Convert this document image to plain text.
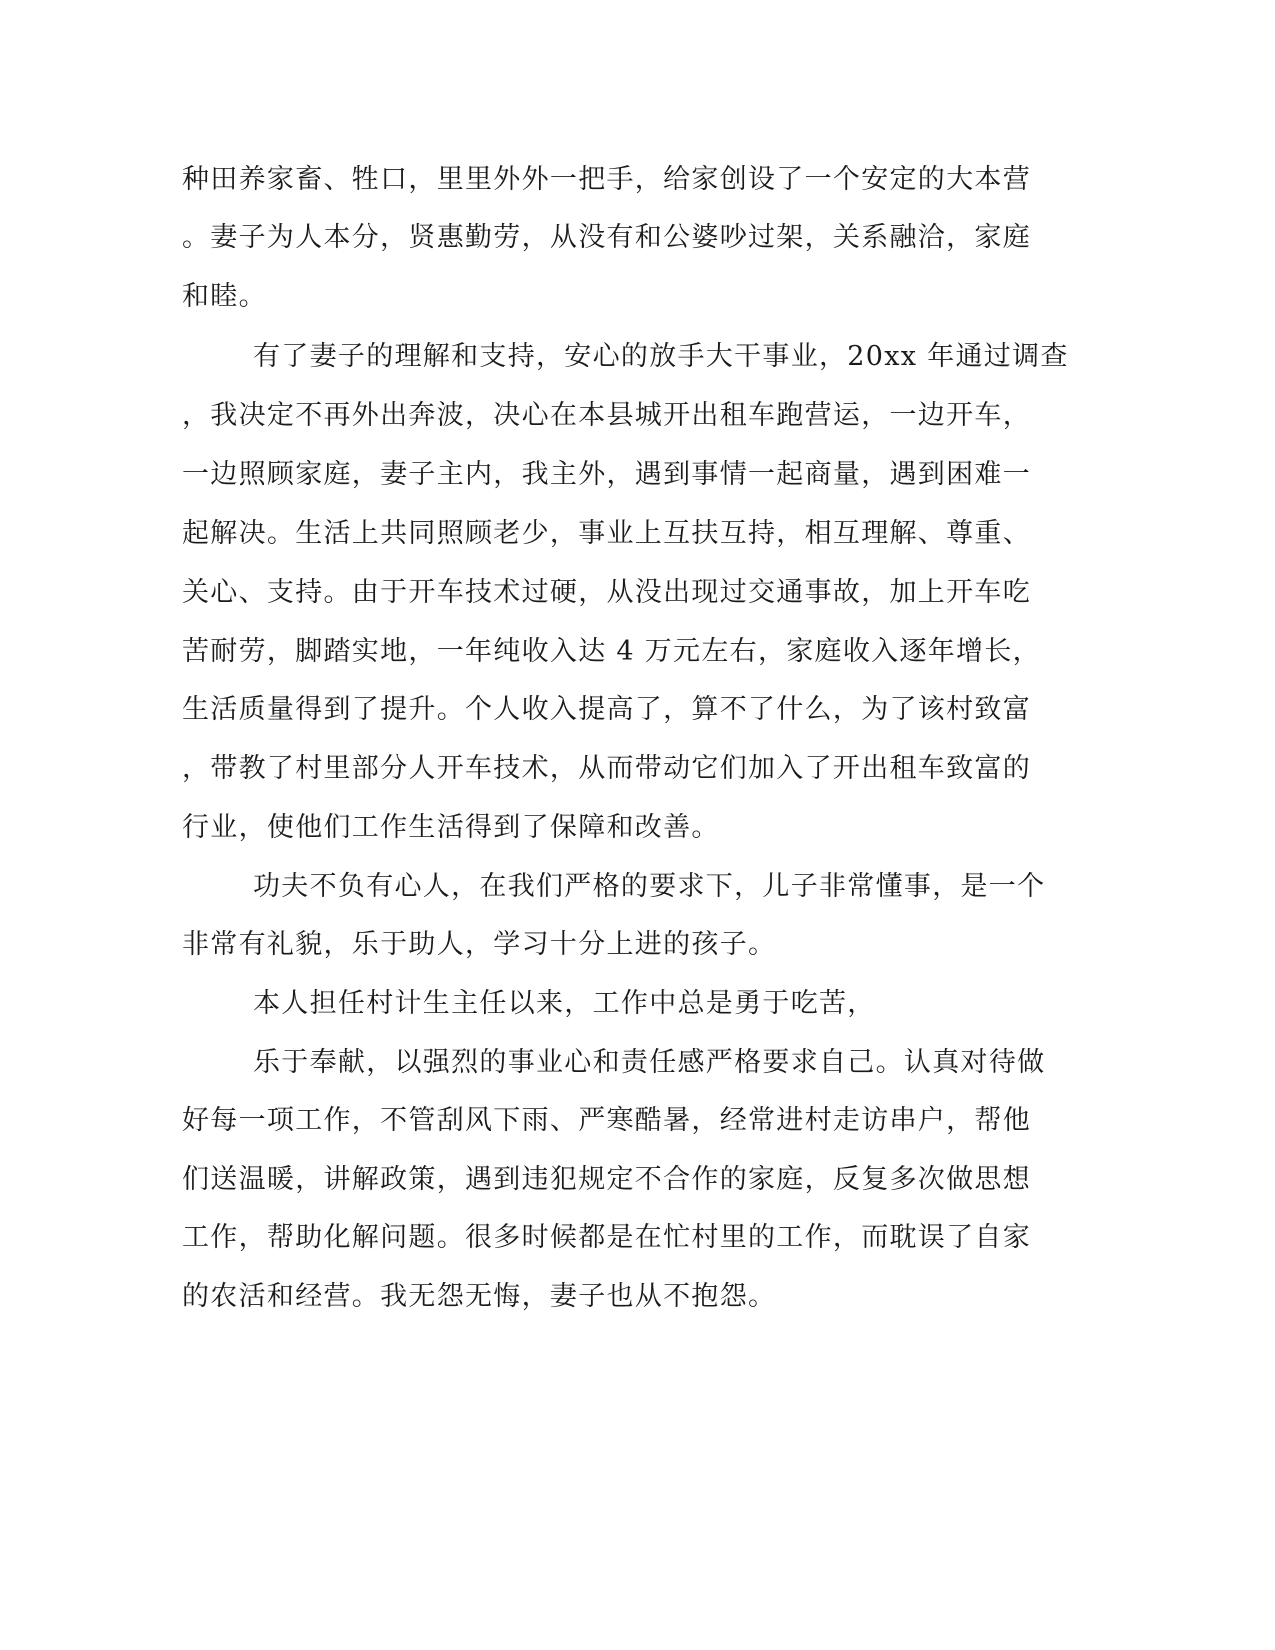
种田养家畜、牲口，里里外外一把手，给家创设了一个安定的大本营
。妻子为人本分，贤惠勤劳，从没有和公婆吵过架，关系融洽，家庭
和睦。
有了妻子的理解和支持，安心的放手大干事业，20xx 年通过调查
，我决定不再外出奔波，决心在本县城开出租车跑营运，一边开车，
一边照顾家庭，妻子主内，我主外，遇到事情一起商量，遇到困难一
起解决。生活上共同照顾老少，事业上互扶互持，相互理解、尊重、
关心、支持。由于开车技术过硬，从没出现过交通事故，加上开车吃
苦耐劳，脚踏实地，一年纯收入达 4 万元左右，家庭收入逐年增长，
生活质量得到了提升。个人收入提高了，算不了什么，为了该村致富
，带教了村里部分人开车技术，从而带动它们加入了开出租车致富的
行业，使他们工作生活得到了保障和改善。
功夫不负有心人，在我们严格的要求下，儿子非常懂事，是一个
非常有礼貌，乐于助人，学习十分上进的孩子。
本人担任村计生主任以来，工作中总是勇于吃苦，
乐于奉献，以强烈的事业心和责任感严格要求自己。认真对待做
好每一项工作，不管刮风下雨、严寒酷暑，经常进村走访串户，帮他
们送温暖，讲解政策，遇到违犯规定不合作的家庭，反复多次做思想
工作，帮助化解问题。很多时候都是在忙村里的工作，而耽误了自家
的农活和经营。我无怨无悔，妻子也从不抱怨。
